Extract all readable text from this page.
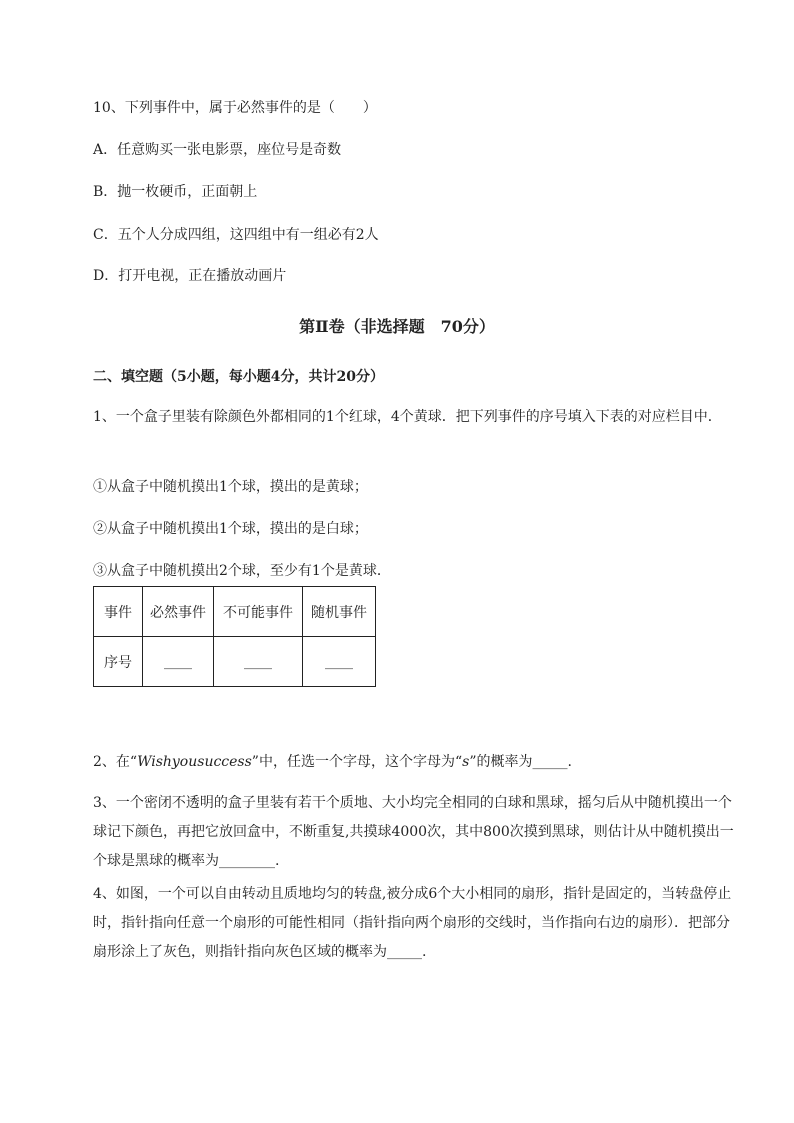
10、下列事件中，属于必然事件的是（　　）
A．任意购买一张电影票，座位号是奇数
B．抛一枚硬币，正面朝上
C．五个人分成四组，这四组中有一组必有2人
D．打开电视，正在播放动画片
第Ⅱ卷（非选择题　70分）
二、填空题（5小题，每小题4分，共计20分）
1、一个盒子里装有除颜色外都相同的1个红球，4个黄球．把下列事件的序号填入下表的对应栏目中．
①从盒子中随机摸出1个球，摸出的是黄球；
②从盒子中随机摸出1个球，摸出的是白球；
③从盒子中随机摸出2个球，至少有1个是黄球．
事件	必然事件	不可能事件	随机事件
序号	____	____	____
2、在“Wishyousuccess”中，任选一个字母，这个字母为“s”的概率为_____.
3、一个密闭不透明的盒子里装有若干个质地、大小均完全相同的白球和黑球，摇匀后从中随机摸出一个球记下颜色，再把它放回盒中，不断重复,共摸球4000次，其中800次摸到黑球，则估计从中随机摸出一个球是黑球的概率为________.
4、如图，一个可以自由转动且质地均匀的转盘,被分成6个大小相同的扇形，指针是固定的，当转盘停止时，指针指向任意一个扇形的可能性相同（指针指向两个扇形的交线时，当作指向右边的扇形）．把部分扇形涂上了灰色，则指针指向灰色区域的概率为_____.
